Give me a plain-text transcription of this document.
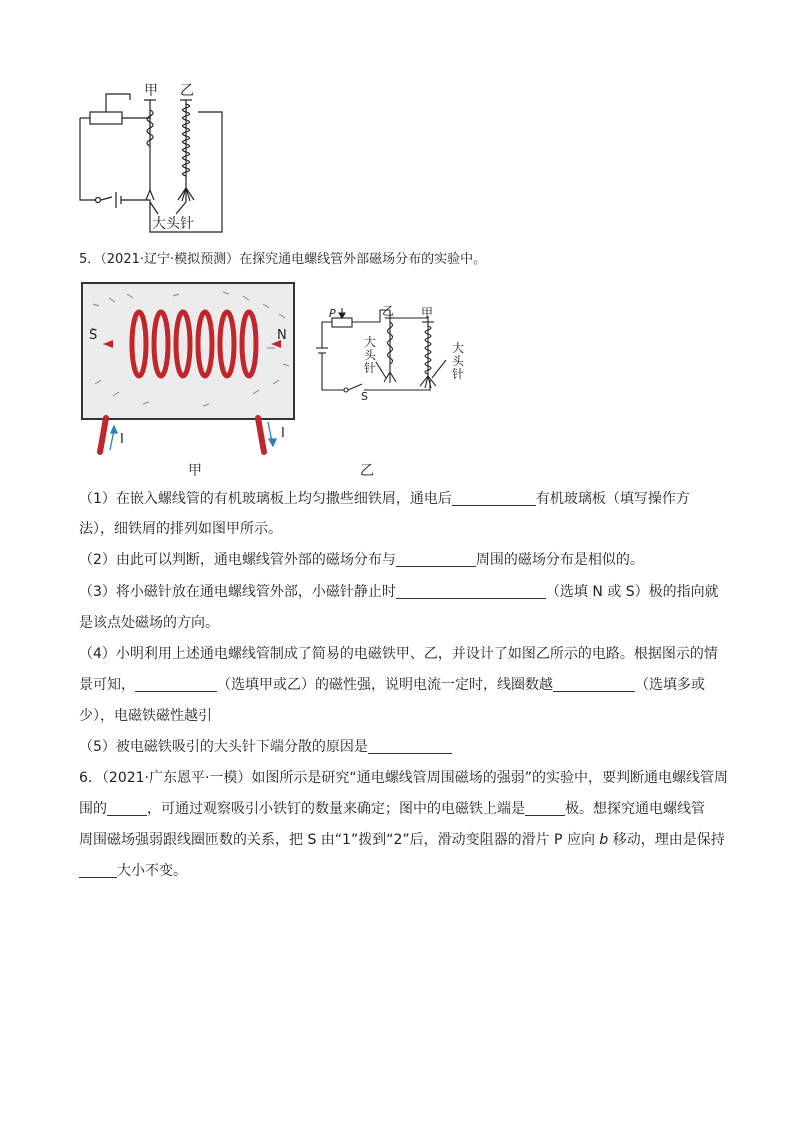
甲 乙
大头针
5．（2021·辽宁·模拟预测）在探究通电螺线管外部磁场分布的实验中。
S	N
I	I
P	乙 甲
大
头
针
大
头
针
S
甲	乙
（1）在嵌入螺线管的有机玻璃板上均匀撒些细铁屑，通电后	有机玻璃板（填写操作方
法），细铁屑的排列如图甲所示。
（2）由此可以判断，通电螺线管外部的磁场分布与	周围的磁场分布是相似的。
（3）将小磁针放在通电螺线管外部，小磁针静止时	（选填 N 或 S）极的指向就
是该点处磁场的方向。
（4）小明利用上述通电螺线管制成了简易的电磁铁甲、乙，并设计了如图乙所示的电路。根据图示的情
景可知，	（选填甲或乙）的磁性强，说明电流一定时，线圈数越	（选填多或
少），电磁铁磁性越引
（5）被电磁铁吸引的大头针下端分散的原因是
6．（2021·广东恩平·一模）如图所示是研究“通电螺线管周围磁场的强弱”的实验中，要判断通电螺线管周
围的	，可通过观察吸引小铁钉的数量来确定；图中的电磁铁上端是	极。想探究通电螺线管
周围磁场强弱跟线圈匝数的关系，把 S 由“1”拨到“2”后，滑动变阻器的滑片 P 应向 b 移动，理由是保持
大小不变。
